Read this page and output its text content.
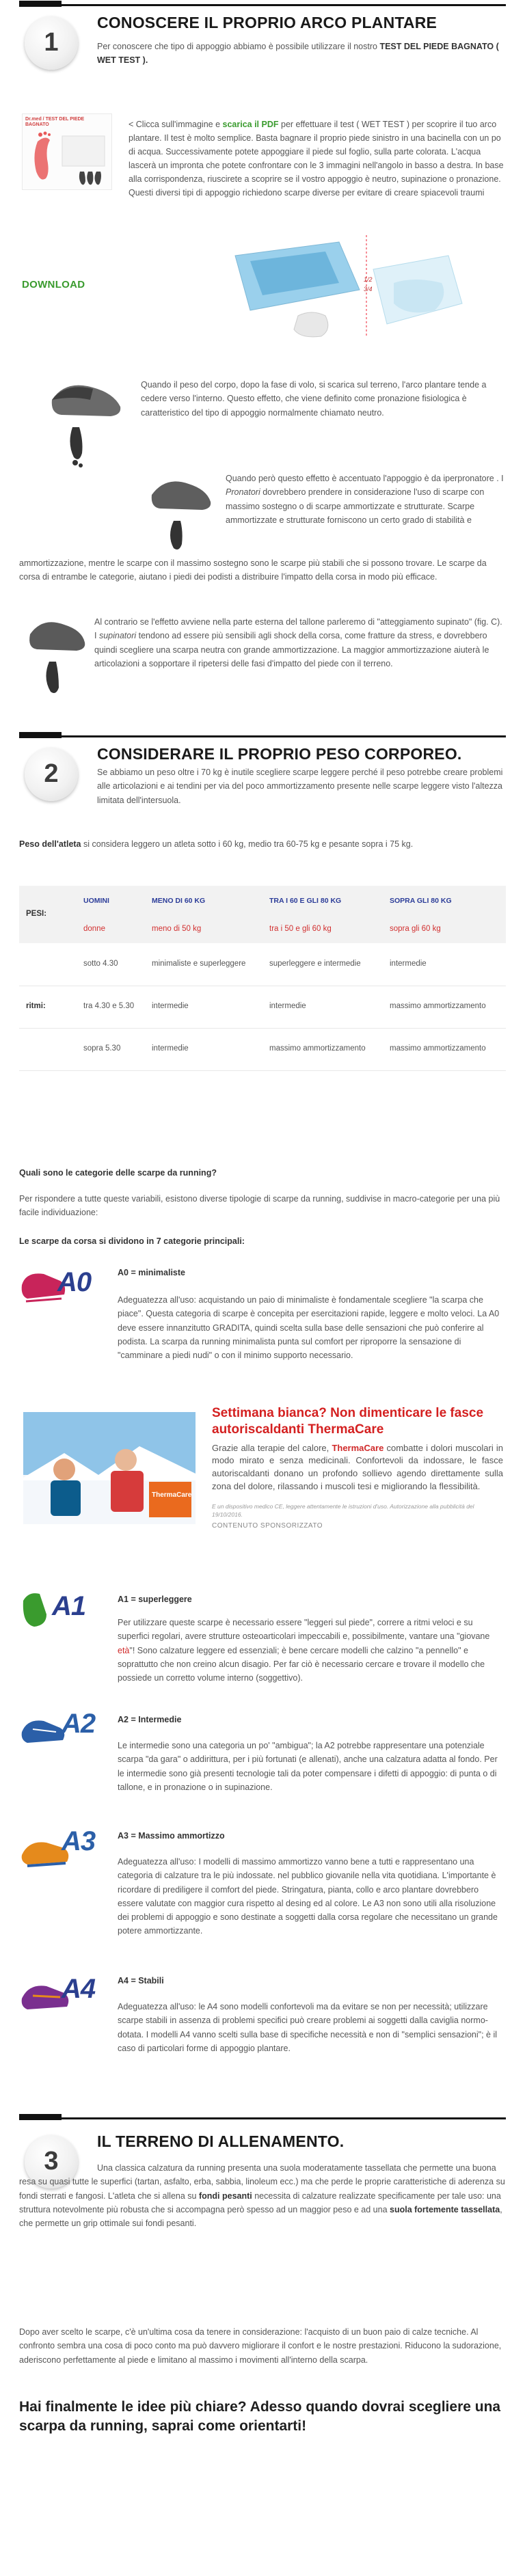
1
CONOSCERE IL PROPRIO ARCO PLANTARE
Per conoscere che tipo di appoggio abbiamo è possibile utilizzare il nostro TEST DEL PIEDE BAGNATO ( WET TEST ).
Dr.med / TEST DEL PIEDE BAGNATO
DOWNLOAD
< Clicca sull'immagine e scarica il PDF per effettuare il test ( WET TEST ) per scoprire il tuo arco plantare. Il test è molto semplice. Basta bagnare il proprio piede sinistro in una bacinella con un po di acqua. Successivamente potete appoggiare il piede sul foglio, sulla parte colorata. L'acqua lascerà un impronta che potete confrontare con le 3 immagini nell'angolo in basso a destra. In base alla corrispondenza, riuscirete a scoprire se il vostro appoggio è neutro, supinazione o pronazione. Questi diversi tipi di appoggio richiedono scarpe diverse per evitare di creare spiacevoli traumi
1/2
3/4
Quando il peso del corpo, dopo la fase di volo, si scarica sul terreno, l'arco plantare tende a cedere verso l'interno. Questo effetto, che viene definito come pronazione fisiologica è caratteristico del tipo di appoggio normalmente chiamato neutro.
Quando però questo effetto è accentuato l'appoggio è da iperpronatore . I Pronatori dovrebbero prendere in considerazione l'uso di scarpe con massimo sostegno o di scarpe ammortizzate e strutturate. Scarpe ammortizzate e strutturate forniscono un certo grado di stabilità e
ammortizzazione, mentre le scarpe con il massimo sostegno sono le scarpe più stabili che si possono trovare. Le scarpe da corsa di entrambe le categorie, aiutano i piedi dei podisti a distribuire l'impatto della corsa in modo più efficace.
Al contrario se l'effetto avviene nella parte esterna del tallone parleremo di "atteggiamento supinato" (fig. C). I supinatori tendono ad essere più sensibili agli shock della corsa, come fratture da stress, e dovrebbero quindi scegliere una scarpa neutra con grande ammortizzazione. La maggior ammortizzazione aiuterà le articolazioni a sopportare il ripetersi delle fasi d'impatto del piede con il terreno.
2
CONSIDERARE IL PROPRIO PESO CORPOREO.
Se abbiamo un peso oltre i 70 kg è inutile scegliere scarpe leggere perché il peso potrebbe creare problemi alle articolazioni e ai tendini per via del poco ammortizzamento presente nelle scarpe leggere visto l'altezza limitata dell'intersuola.
Peso dell'atleta si considera leggero un atleta sotto i 60 kg, medio tra 60-75 kg e pesante sopra i 75 kg.
PESI:	UOMINI	MENO DI 60 KG	TRA I 60 E GLI 80 KG	SOPRA GLI 80 KG
	donne	meno di 50 kg	tra i 50 e gli 60 kg	sopra gli 60 kg
	sotto 4.30	minimaliste e superleggere	superleggere e intermedie	intermedie
ritmi:	tra 4.30 e 5.30	intermedie	intermedie	massimo ammortizzamento
	sopra 5.30	intermedie	massimo ammortizzamento	massimo ammortizzamento
Quali sono le categorie delle scarpe da running?
Per rispondere a tutte queste variabili, esistono diverse tipologie di scarpe da running, suddivise in macro-categorie per una più facile individuazione:
Le scarpe da corsa si dividono in 7 categorie principali:
A0	A0 = minimaliste
Adeguatezza all'uso: acquistando un paio di minimaliste è fondamentale scegliere "la scarpa che piace". Questa categoria di scarpe è concepita per esercitazioni rapide, leggere e molto veloci. La A0 deve essere innanzitutto GRADITA, quindi scelta sulla base delle sensazioni che può conferire al podista. La scarpa da running minimalista punta sul comfort per riproporre la sensazione di "camminare a piedi nudi" o con il minimo supporto necessario.
ThermaCare
Settimana bianca? Non dimenticare le fasce autoriscaldanti ThermaCare
Grazie alla terapie del calore, ThermaCare combatte i dolori muscolari in modo mirato e senza medicinali. Confortevoli da indossare, le fasce autoriscaldanti donano un profondo sollievo agendo direttamente sulla zona del dolore, rilassando i muscoli tesi e migliorando la flessibilità.
E un dispositivo medico CE, leggere attentamente le istruzioni d'uso. Autorizzazione alla pubblicità del 19/10/2016.
CONTENUTO SPONSORIZZATO
A1	A1 = superleggere
Per utilizzare queste scarpe è necessario essere "leggeri sul piede", correre a ritmi veloci e su superfici regolari, avere strutture osteoarticolari impeccabili e, possibilmente, vantare una "giovane età"! Sono calzature leggere ed essenziali; è bene cercare modelli che calzino "a pennello" e soprattutto che non creino alcun disagio. Per far ciò è necessario cercare e trovare il modello che possiede un corretto volume interno (soggettivo).
A2	A2 = Intermedie
Le intermedie sono una categoria un po' "ambigua"; la A2 potrebbe rappresentare una potenziale scarpa "da gara" o addirittura, per i più fortunati (e allenati), anche una calzatura adatta al fondo. Per le intermedie sono già presenti tecnologie tali da poter compensare i difetti di appoggio: di punta o di tallone, e in pronazione o in supinazione.
A3	A3 = Massimo ammortizzo
Adeguatezza all'uso: I modelli di massimo ammortizzo vanno bene a tutti e rappresentano una categoria di calzature tra le più indossate. nel pubblico giovanile nella vita quotidiana. L'importante è ricordare di prediligere il comfort del piede. Stringatura, pianta, collo e arco plantare dovrebbero essere valutate con maggior cura rispetto al desing ed al colore. Le A3 non sono utili alla risoluzione dei problemi di appoggio e sono destinate a soggetti dalla corsa regolare che necessitano un grande potere ammortizzante.
A4	A4 = Stabili
Adeguatezza all'uso: le A4 sono modelli confortevoli ma da evitare se non per necessità; utilizzare scarpe stabili in assenza di problemi specifici può creare problemi ai soggetti dalla caviglia normo-dotata. I modelli A4 vanno scelti sulla base di specifiche necessità e non di "semplici sensazioni"; è il caso di particolari forme di appoggio plantare.
3
IL TERRENO DI ALLENAMENTO.
Una classica calzatura da running presenta una suola moderatamente tassellata che permette una buona resa su quasi tutte le superfici (tartan, asfalto, erba, sabbia, linoleum ecc.) ma che perde le proprie caratteristiche di aderenza su fondi sterrati e fangosi. L'atleta che si allena su fondi pesanti necessita di calzature realizzate specificamente per tale uso: una struttura notevolmente più robusta che si accompagna però spesso ad un maggior peso e ad una suola fortemente tassellata, che permette un grip ottimale sui fondi pesanti.
Dopo aver scelto le scarpe, c'è un'ultima cosa da tenere in considerazione: l'acquisto di un buon paio di calze tecniche. Al confronto sembra una cosa di poco conto ma può davvero migliorare il confort e le nostre prestazioni. Riducono la sudorazione, aderiscono perfettamente al piede e limitano al massimo i movimenti all'interno della scarpa.
Hai finalmente le idee più chiare? Adesso quando dovrai scegliere una scarpa da running, saprai come orientarti!
